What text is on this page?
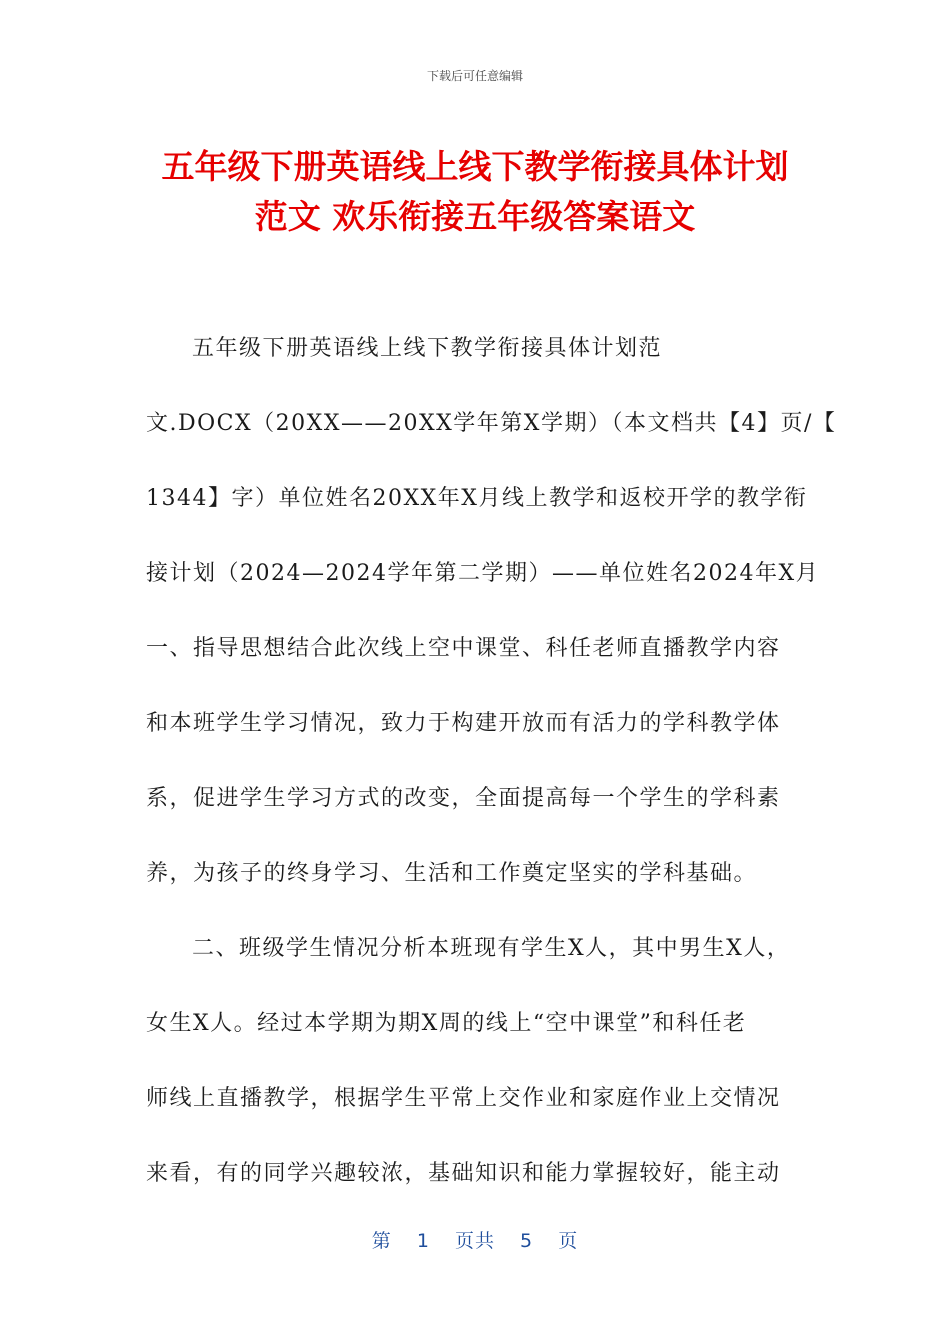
下载后可任意编辑
五年级下册英语线上线下教学衔接具体计划
范文 欢乐衔接五年级答案语文
五年级下册英语线上线下教学衔接具体计划范
文.DOCX（20XX——20XX学年第X学期）（本文档共【4】页/【
1344】字）单位姓名20XX年X月线上教学和返校开学的教学衔
接计划（2024—2024学年第二学期）——单位姓名2024年X月
一、指导思想结合此次线上空中课堂、科任老师直播教学内容
和本班学生学习情况，致力于构建开放而有活力的学科教学体
系，促进学生学习方式的改变，全面提高每一个学生的学科素
养，为孩子的终身学习、生活和工作奠定坚实的学科基础。
二、班级学生情况分析本班现有学生X人，其中男生X人，
女生X人。经过本学期为期X周的线上“空中课堂”和科任老
师线上直播教学，根据学生平常上交作业和家庭作业上交情况
来看，有的同学兴趣较浓，基础知识和能力掌握较好，能主动
第 1 页共 5 页
